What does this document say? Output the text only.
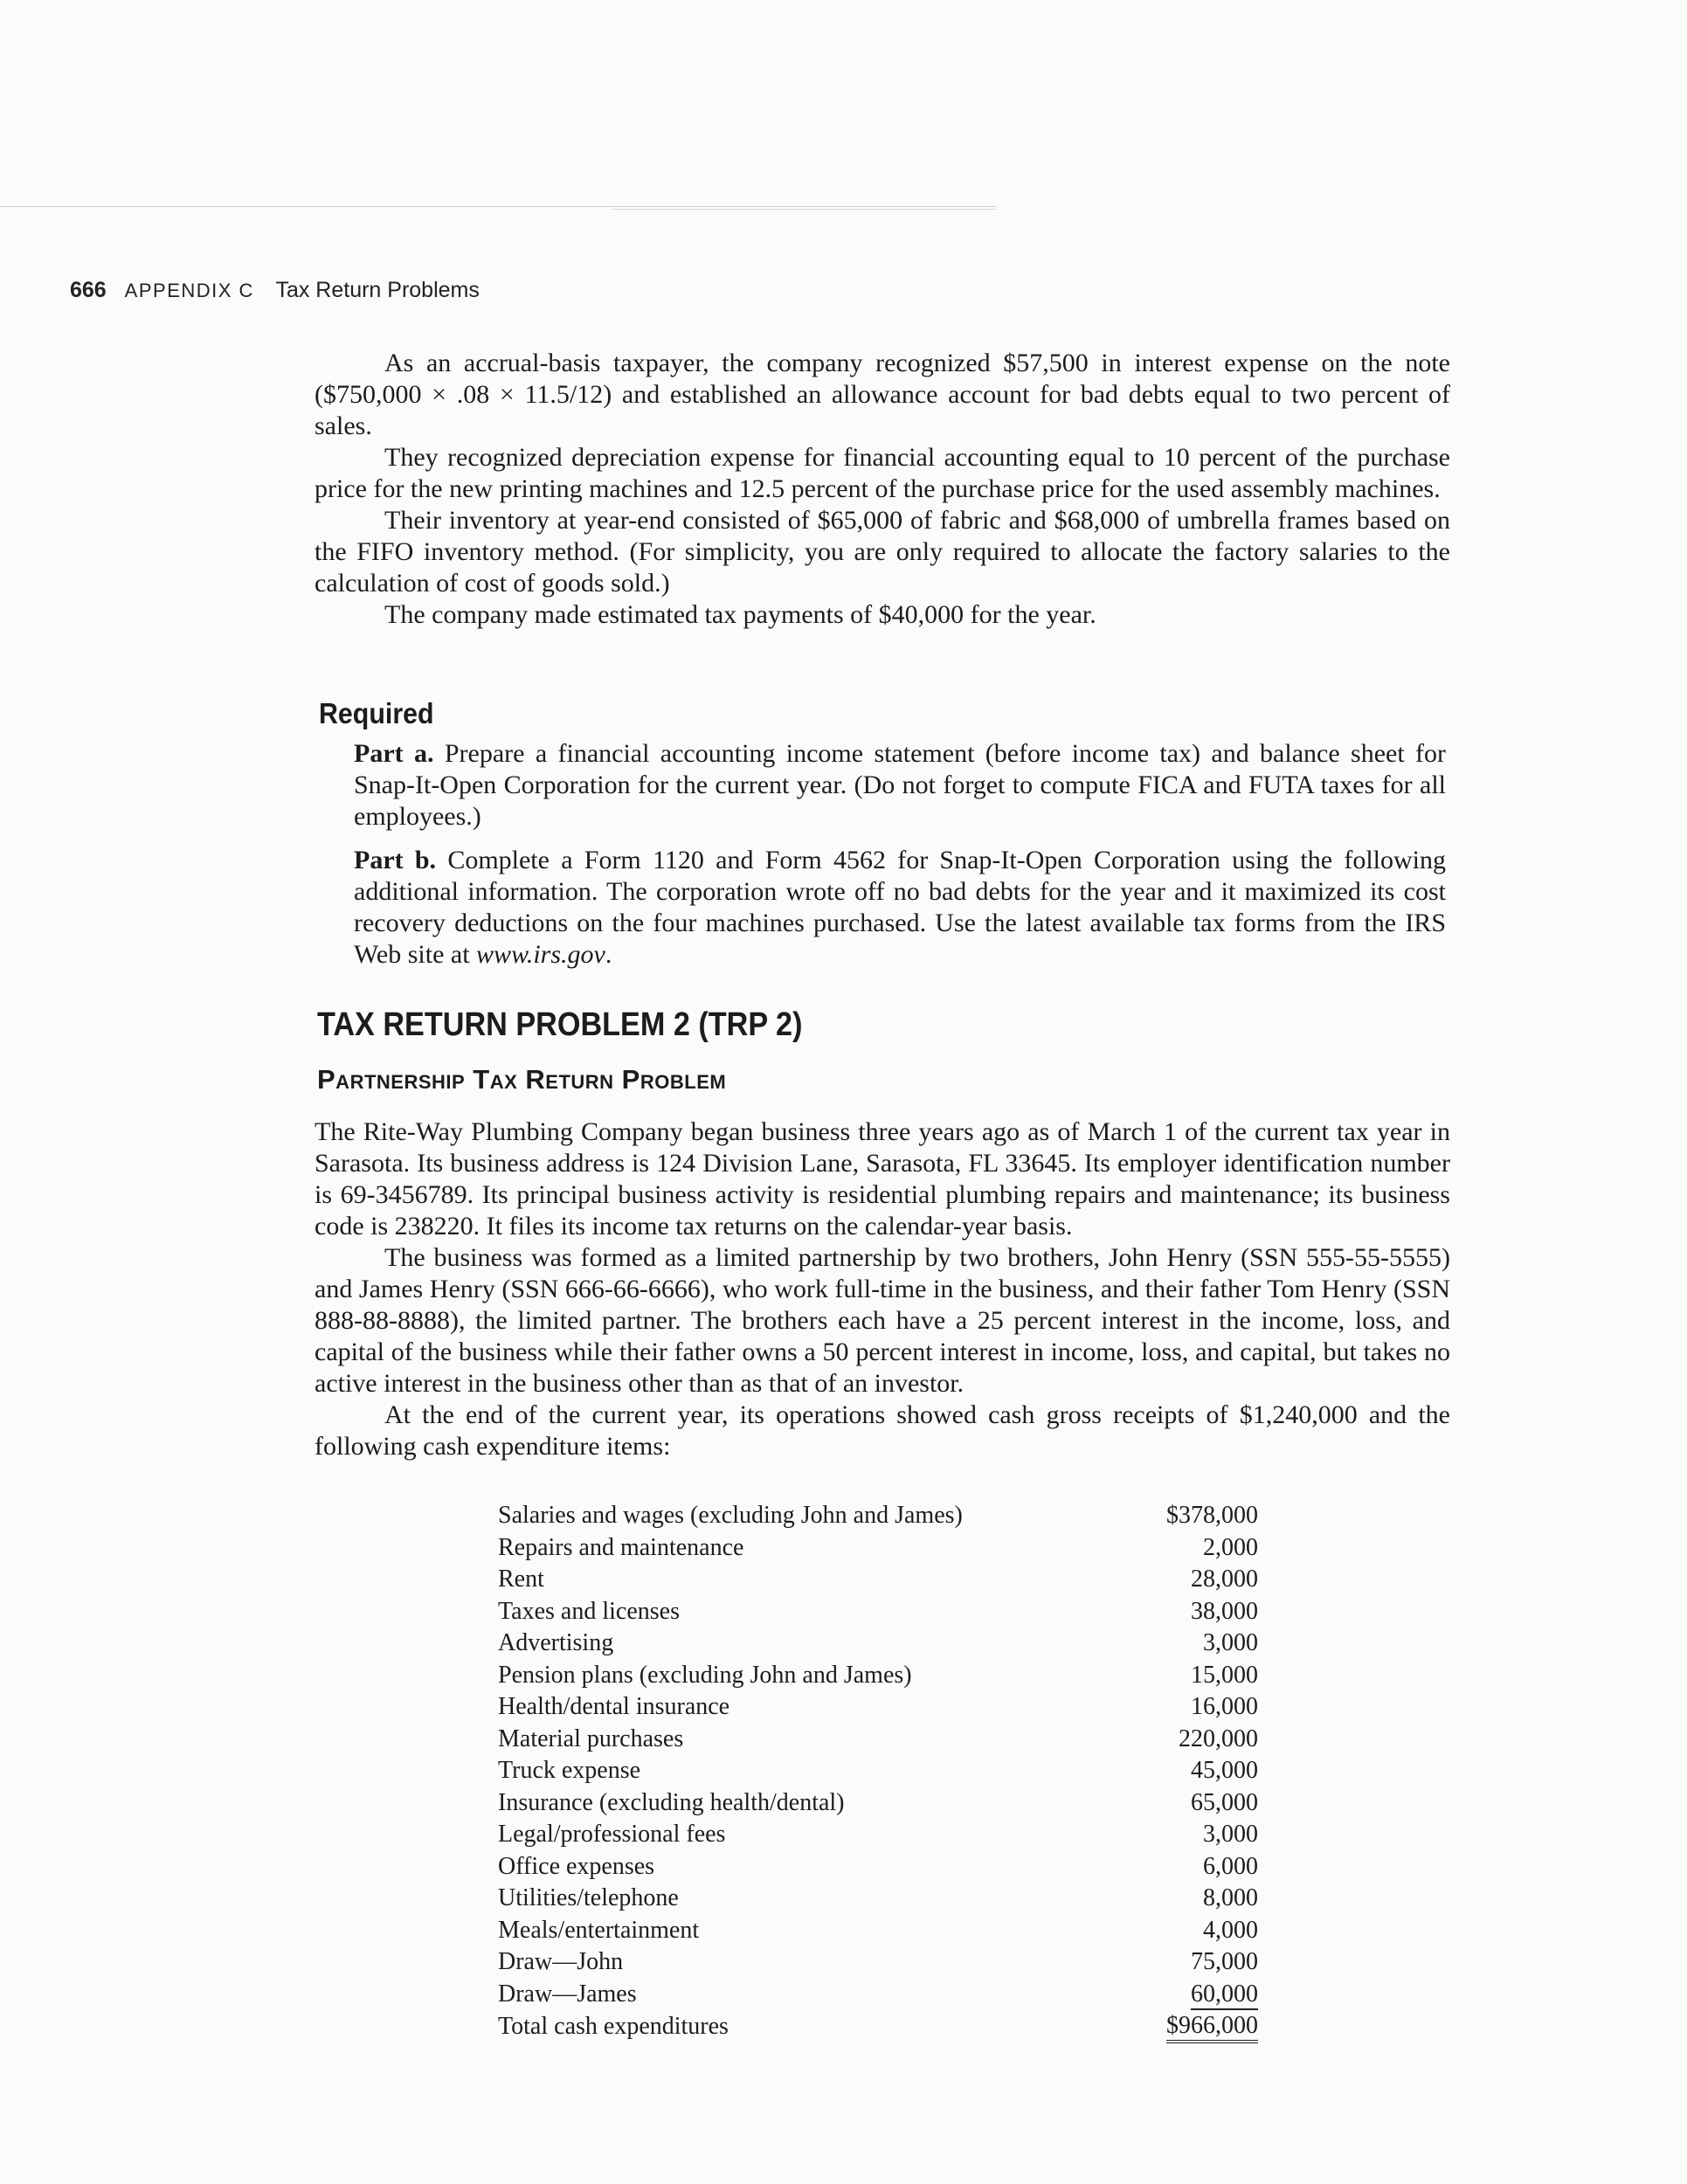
666 APPENDIX C Tax Return Problems

As an accrual-basis taxpayer, the company recognized $57,500 in interest expense on the note ($750,000 × .08 × 11.5/12) and established an allowance account for bad debts equal to two percent of sales.

They recognized depreciation expense for financial accounting equal to 10 percent of the purchase price for the new printing machines and 12.5 percent of the purchase price for the used assembly machines.

Their inventory at year-end consisted of $65,000 of fabric and $68,000 of umbrella frames based on the FIFO inventory method. (For simplicity, you are only required to allocate the factory salaries to the calculation of cost of goods sold.)

The company made estimated tax payments of $40,000 for the year.

Required

Part a. Prepare a financial accounting income statement (before income tax) and balance sheet for Snap-It-Open Corporation for the current year. (Do not forget to compute FICA and FUTA taxes for all employees.)

Part b. Complete a Form 1120 and Form 4562 for Snap-It-Open Corporation using the following additional information. The corporation wrote off no bad debts for the year and it maximized its cost recovery deductions on the four machines purchased. Use the latest available tax forms from the IRS Web site at www.irs.gov.

TAX RETURN PROBLEM 2 (TRP 2)
Partnership Tax Return Problem

The Rite-Way Plumbing Company began business three years ago as of March 1 of the current tax year in Sarasota. Its business address is 124 Division Lane, Sarasota, FL 33645. Its employer identification number is 69-3456789. Its principal business activity is residential plumbing repairs and maintenance; its business code is 238220. It files its income tax returns on the calendar-year basis.

The business was formed as a limited partnership by two brothers, John Henry (SSN 555-55-5555) and James Henry (SSN 666-66-6666), who work full-time in the business, and their father Tom Henry (SSN 888-88-8888), the limited partner. The brothers each have a 25 percent interest in the income, loss, and capital of the business while their father owns a 50 percent interest in income, loss, and capital, but takes no active interest in the business other than as that of an investor.

At the end of the current year, its operations showed cash gross receipts of $1,240,000 and the following cash expenditure items:

Salaries and wages (excluding John and James)	$378,000
Repairs and maintenance	2,000
Rent	28,000
Taxes and licenses	38,000
Advertising	3,000
Pension plans (excluding John and James)	15,000
Health/dental insurance	16,000
Material purchases	220,000
Truck expense	45,000
Insurance (excluding health/dental)	65,000
Legal/professional fees	3,000
Office expenses	6,000
Utilities/telephone	8,000
Meals/entertainment	4,000
Draw—John	75,000
Draw—James	60,000
Total cash expenditures	$966,000
